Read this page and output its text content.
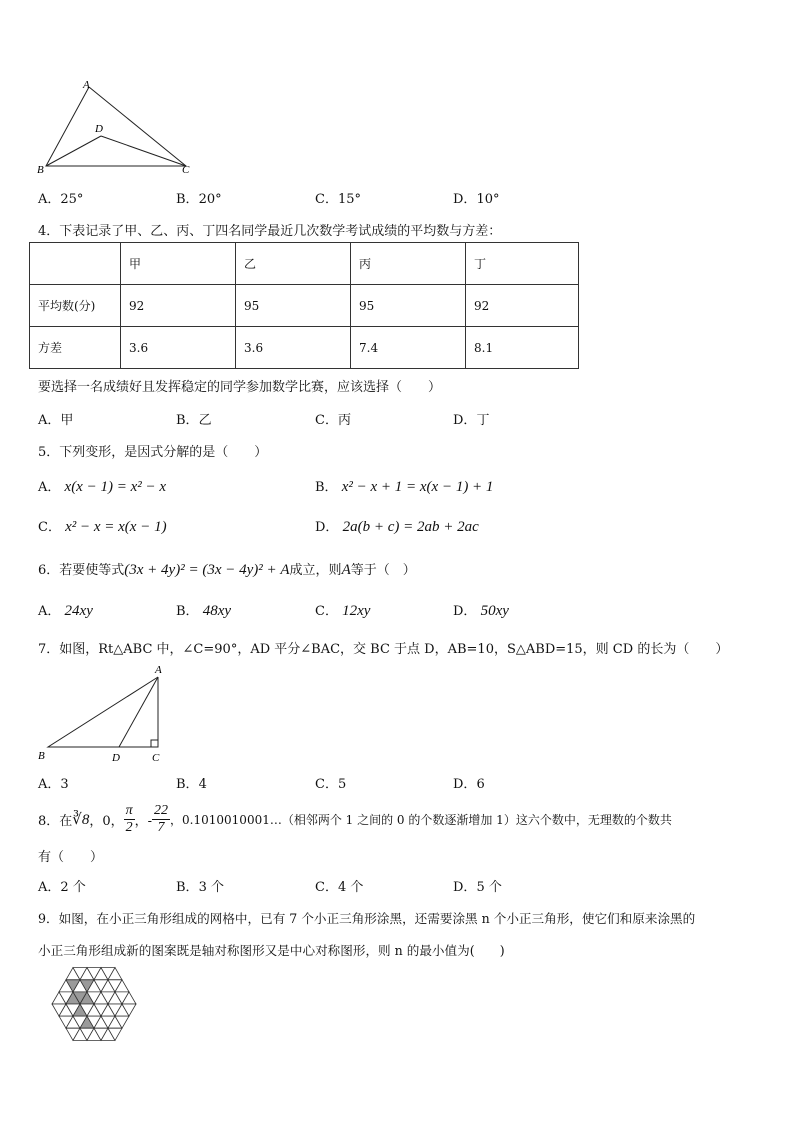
A
D
B	C
A．25°	B．20°	C．15°	D．10°
4．下表记录了甲、乙、丙、丁四名同学最近几次数学考试成绩的平均数与方差：
	甲	乙	丙	丁
平均数(分)	92	95	95	92
方差	3.6	3.6	7.4	8.1
要选择一名成绩好且发挥稳定的同学参加数学比赛，应该选择（　　）
A．甲	B．乙	C．丙	D．丁
5．下列变形，是因式分解的是（　　）
A． x(x − 1) = x² − x	B． x² − x + 1 = x(x − 1) + 1
C． x² − x = x(x − 1)	D． 2a(b + c) = 2ab + 2ac
6．若要使等式(3x + 4y)² = (3x − 4y)² + A成立，则A等于（　）
A． 24xy	B． 48xy	C． 12xy	D． 50xy
7．如图，Rt△ABC 中，∠C=90°，AD 平分∠BAC，交 BC 于点 D，AB=10，S△ABD=15，则 CD 的长为（　　）
A
B	D	C
A．3	B．4	C．5	D．6
8．在 ∛8 ，0， $\frac{\pi}{2}$ ，- $\frac{22}{7}$ ，0.1010010001…（相邻两个 1 之间的 0 的个数逐渐增加 1）这六个数中，无理数的个数共
有（　　）
A．2 个	B．3 个	C．4 个	D．5 个
9．如图，在小正三角形组成的网格中，已有 7 个小正三角形涂黑，还需要涂黑 n 个小正三角形，使它们和原来涂黑的
小正三角形组成新的图案既是轴对称图形又是中心对称图形，则 n 的最小值为(　　)
